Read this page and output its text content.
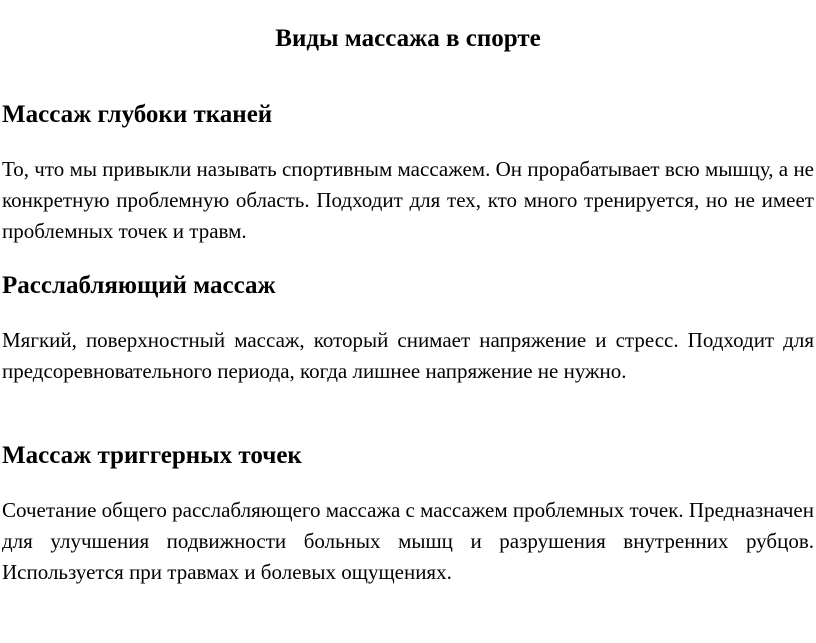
Виды массажа в спорте
Массаж глубоки тканей

То, что мы привыкли называть спортивным массажем. Он прорабатывает всю мышцу, а не конкретную проблемную область. Подходит для тех, кто много тренируется, но не имеет проблемных точек и травм.

Расслабляющий массаж

Мягкий, поверхностный массаж, который снимает напряжение и стресс. Подходит для предсоревновательного периода, когда лишнее напряжение не нужно.

Массаж триггерных точек

Сочетание общего расслабляющего массажа с массажем проблемных точек. Предназначен для улучшения подвижности больных мышц и разрушения внутренних рубцов. Используется при травмах и болевых ощущениях.
